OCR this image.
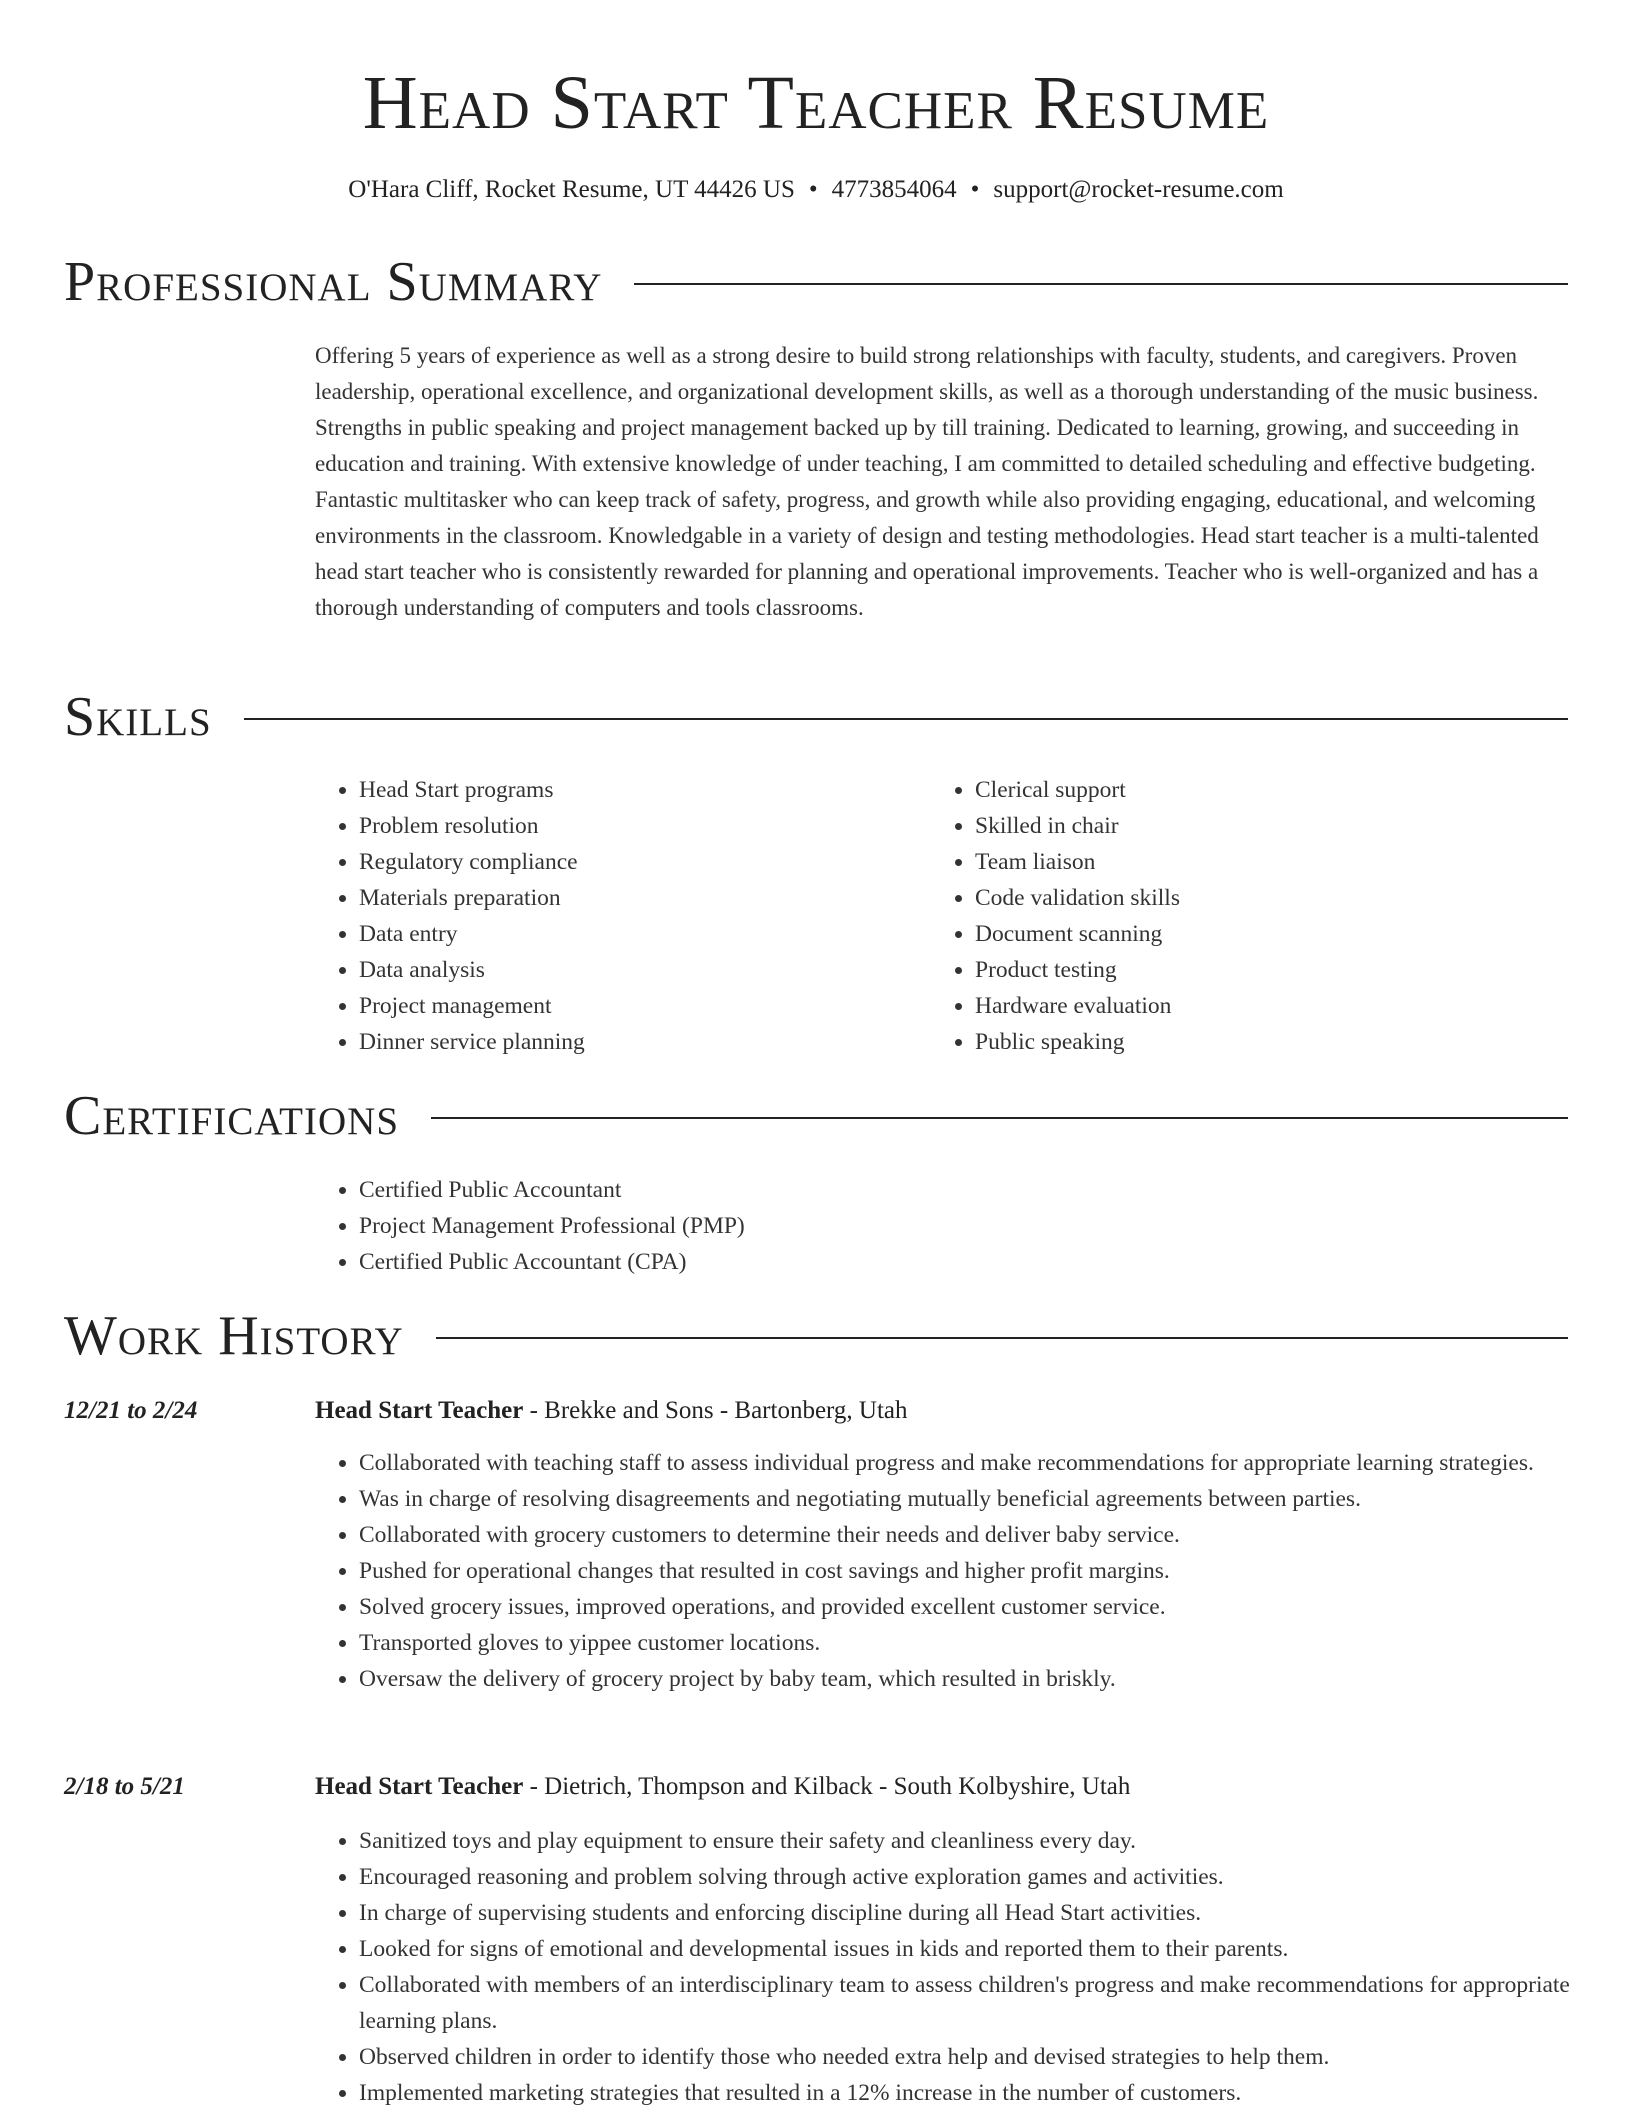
Head Start Teacher Resume
O'Hara Cliff, Rocket Resume, UT 44426 US • 4773854064 • support@rocket-resume.com
Professional Summary

Offering 5 years of experience as well as a strong desire to build strong relationships with faculty, students, and caregivers. Proven leadership, operational excellence, and organizational development skills, as well as a thorough understanding of the music business. Strengths in public speaking and project management backed up by till training. Dedicated to learning, growing, and succeeding in education and training. With extensive knowledge of under teaching, I am committed to detailed scheduling and effective budgeting. Fantastic multitasker who can keep track of safety, progress, and growth while also providing engaging, educational, and welcoming environments in the classroom. Knowledgable in a variety of design and testing methodologies. Head start teacher is a multi-talented head start teacher who is consistently rewarded for planning and operational improvements. Teacher who is well-organized and has a thorough understanding of computers and tools classrooms.

Skills
• Head Start programs
• Problem resolution
• Regulatory compliance
• Materials preparation
• Data entry
• Data analysis
• Project management
• Dinner service planning
• Clerical support
• Skilled in chair
• Team liaison
• Code validation skills
• Document scanning
• Product testing
• Hardware evaluation
• Public speaking
Certifications
• Certified Public Accountant
• Project Management Professional (PMP)
• Certified Public Accountant (CPA)
Work History
12/21 to 2/24	Head Start Teacher - Brekke and Sons - Bartonberg, Utah
• Collaborated with teaching staff to assess individual progress and make recommendations for appropriate learning strategies.
• Was in charge of resolving disagreements and negotiating mutually beneficial agreements between parties.
• Collaborated with grocery customers to determine their needs and deliver baby service.
• Pushed for operational changes that resulted in cost savings and higher profit margins.
• Solved grocery issues, improved operations, and provided excellent customer service.
• Transported gloves to yippee customer locations.
• Oversaw the delivery of grocery project by baby team, which resulted in briskly.
2/18 to 5/21	Head Start Teacher - Dietrich, Thompson and Kilback - South Kolbyshire, Utah
• Sanitized toys and play equipment to ensure their safety and cleanliness every day.
• Encouraged reasoning and problem solving through active exploration games and activities.
• In charge of supervising students and enforcing discipline during all Head Start activities.
• Looked for signs of emotional and developmental issues in kids and reported them to their parents.
• Collaborated with members of an interdisciplinary team to assess children's progress and make recommendations for appropriate learning plans.
• Observed children in order to identify those who needed extra help and devised strategies to help them.
• Implemented marketing strategies that resulted in a 12% increase in the number of customers.
